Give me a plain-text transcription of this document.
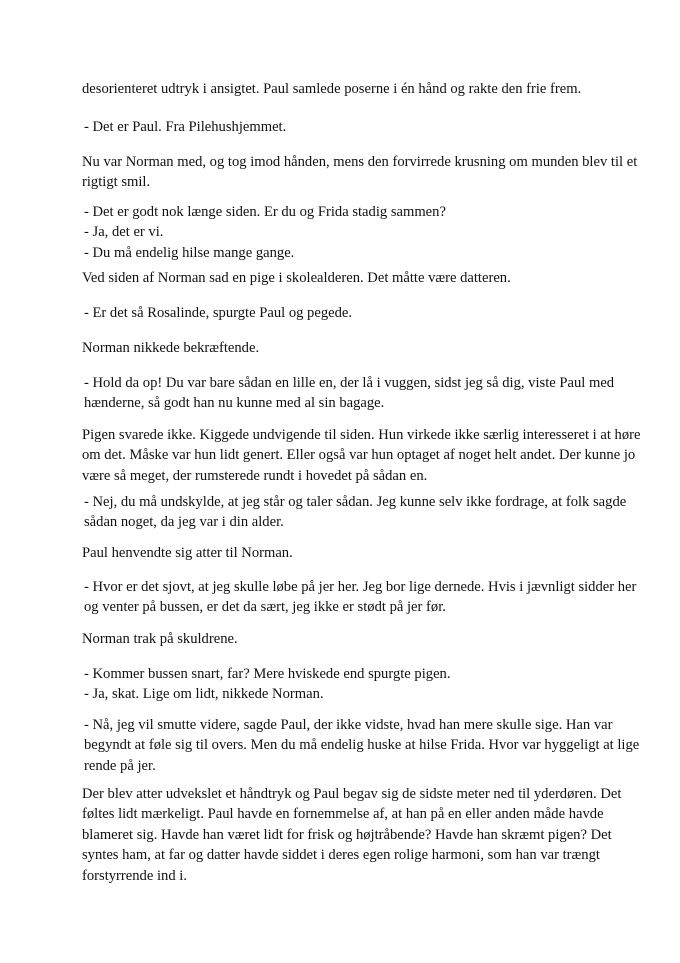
desorienteret udtryk i ansigtet. Paul samlede poserne i én hånd og rakte den frie frem.
- Det er Paul. Fra Pilehushjemmet.
Nu var Norman med, og tog imod hånden, mens den forvirrede krusning om munden blev til et
rigtigt smil.
- Det er godt nok længe siden. Er du og Frida stadig sammen?
- Ja, det er vi.
- Du må endelig hilse mange gange.
Ved siden af Norman sad en pige i skolealderen. Det måtte være datteren.
- Er det så Rosalinde, spurgte Paul og pegede.
Norman nikkede bekræftende.
- Hold da op! Du var bare sådan en lille en, der lå i vuggen, sidst jeg så dig, viste Paul med
hænderne, så godt han nu kunne med al sin bagage.
Pigen svarede ikke. Kiggede undvigende til siden. Hun virkede ikke særlig interesseret i at høre
om det. Måske var hun lidt genert. Eller også var hun optaget af noget helt andet. Der kunne jo
være så meget, der rumsterede rundt i hovedet på sådan en.
- Nej, du må undskylde, at jeg står og taler sådan. Jeg kunne selv ikke fordrage, at folk sagde
sådan noget, da jeg var i din alder.
Paul henvendte sig atter til Norman.
- Hvor er det sjovt, at jeg skulle løbe på jer her. Jeg bor lige dernede. Hvis i jævnligt sidder her
og venter på bussen, er det da sært, jeg ikke er stødt på jer før.
Norman trak på skuldrene.
- Kommer bussen snart, far? Mere hviskede end spurgte pigen.
- Ja, skat. Lige om lidt, nikkede Norman.
- Nå, jeg vil smutte videre, sagde Paul, der ikke vidste, hvad han mere skulle sige. Han var
begyndt at føle sig til overs. Men du må endelig huske at hilse Frida. Hvor var hyggeligt at lige
rende på jer.
Der blev atter udvekslet et håndtryk og Paul begav sig de sidste meter ned til yderdøren. Det
føltes lidt mærkeligt. Paul havde en fornemmelse af, at han på en eller anden måde havde
blameret sig. Havde han været lidt for frisk og højtråbende? Havde han skræmt pigen? Det
syntes ham, at far og datter havde siddet i deres egen rolige harmoni, som han var trængt
forstyrrende ind i.
